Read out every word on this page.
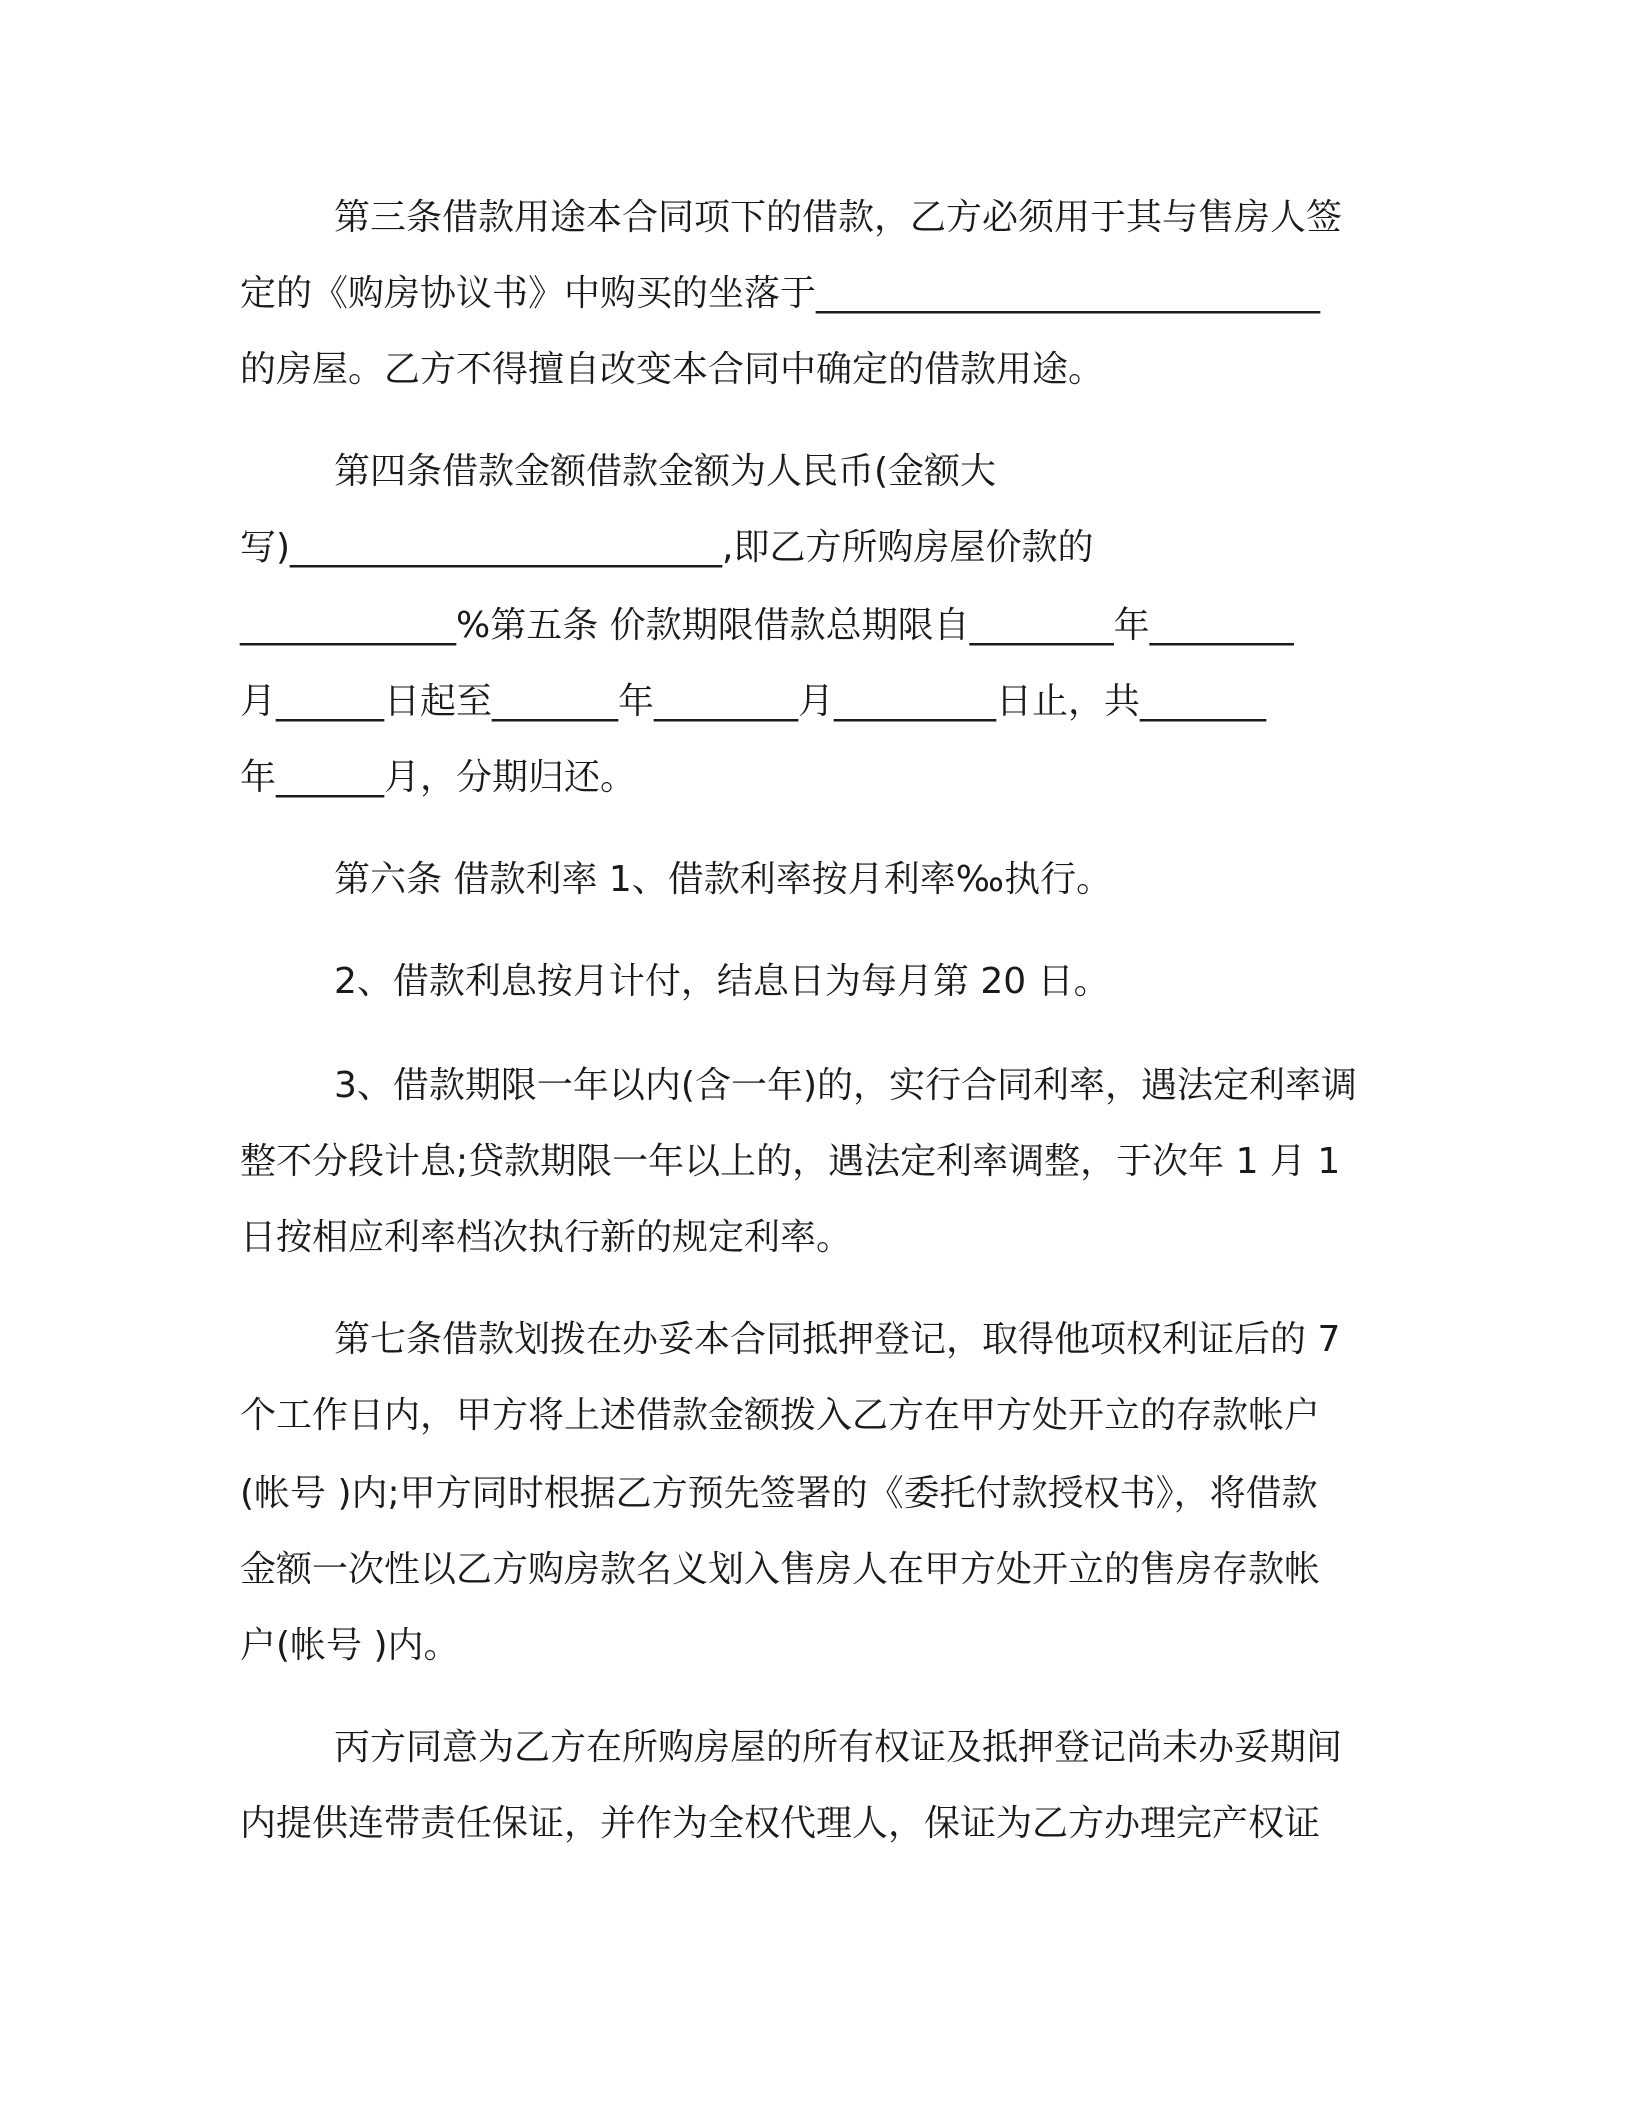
第三条借款用途本合同项下的借款，乙方必须用于其与售房人签
定的《购房协议书》中购买的坐落于____________________________
的房屋。乙方不得擅自改变本合同中确定的借款用途。
第四条借款金额借款金额为人民币(金额大
写)________________________,即乙方所购房屋价款的
____________%第五条 价款期限借款总期限自________年________
月______日起至_______年________月_________日止，共_______
年______月，分期归还。
第六条 借款利率 1、借款利率按月利率‰执行。
2、借款利息按月计付，结息日为每月第 20 日。
3、借款期限一年以内(含一年)的，实行合同利率，遇法定利率调
整不分段计息;贷款期限一年以上的，遇法定利率调整，于次年 1 月 1
日按相应利率档次执行新的规定利率。
第七条借款划拨在办妥本合同抵押登记，取得他项权利证后的 7
个工作日内，甲方将上述借款金额拨入乙方在甲方处开立的存款帐户
(帐号 )内;甲方同时根据乙方预先签署的《委托付款授权书》，将借款
金额一次性以乙方购房款名义划入售房人在甲方处开立的售房存款帐
户(帐号 )内。
丙方同意为乙方在所购房屋的所有权证及抵押登记尚未办妥期间
内提供连带责任保证，并作为全权代理人，保证为乙方办理完产权证
